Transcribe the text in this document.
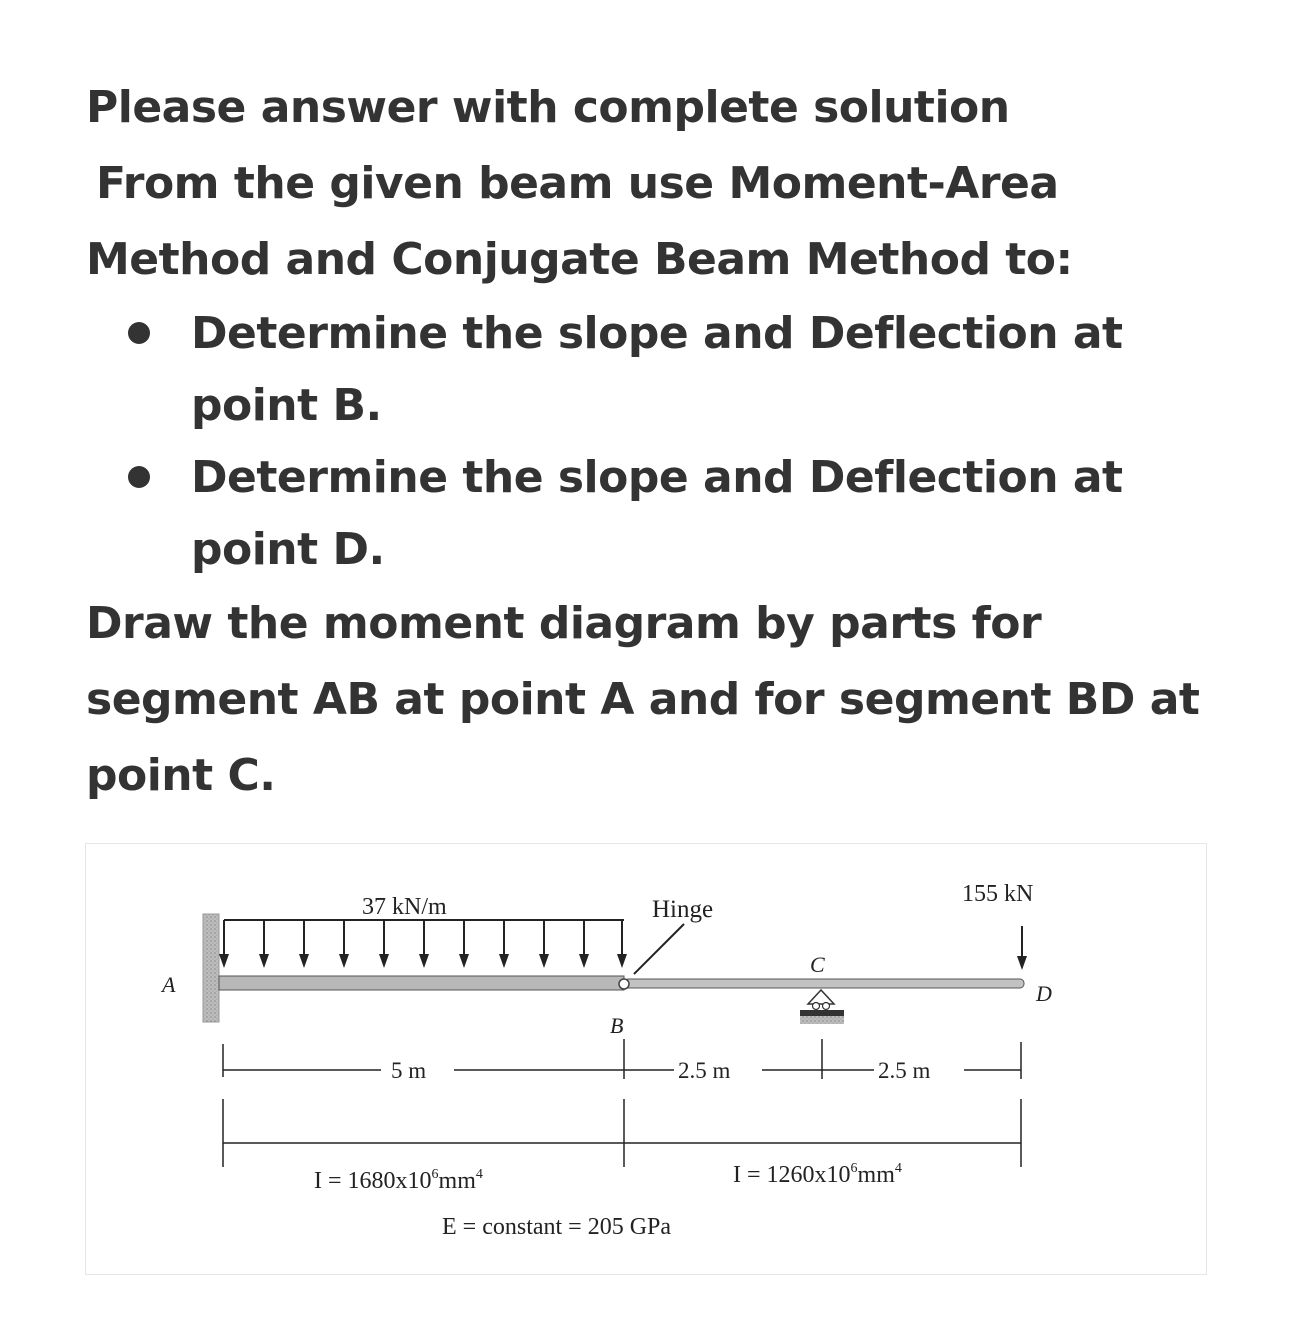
Please answer with complete solution
From the given beam use Moment-Area
Method and Conjugate Beam Method to:
Determine the slope and Deflection at
point B.
Determine the slope and Deflection at
point D.
Draw the moment diagram by parts for
segment AB at point A and for segment BD at
point C.
A
B
C
D
37 kN/m	Hinge
155 kN
5 m	2.5 m	2.5 m
$I = 1680x10^6mm^4$	$I = 1260x10^6mm^4$
E = constant = 205 GPa
